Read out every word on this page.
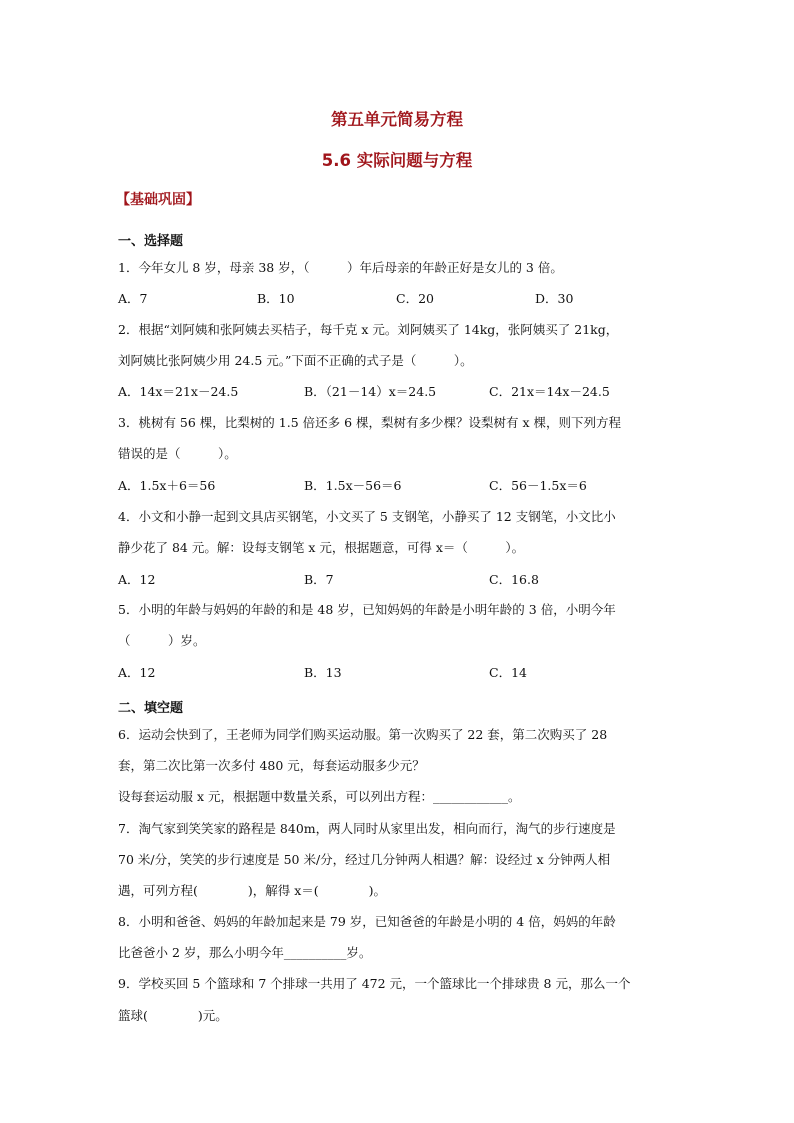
第五单元简易方程
5.6 实际问题与方程

【基础巩固】

一、选择题

1．今年女儿 8 岁，母亲 38 岁，（　　　）年后母亲的年龄正好是女儿的 3 倍。

A．7	B．10	C．20	D．30

2．根据“刘阿姨和张阿姨去买桔子，每千克 x 元。刘阿姨买了 14kg，张阿姨买了 21kg，

刘阿姨比张阿姨少用 24.5 元。”下面不正确的式子是（　　　）。

A．14x＝21x－24.5	B．（21－14）x＝24.5	C．21x＝14x－24.5

3．桃树有 56 棵，比梨树的 1.5 倍还多 6 棵，梨树有多少棵？设梨树有 x 棵，则下列方程

错误的是（　　　）。

A．1.5x＋6＝56	B．1.5x－56＝6	C．56－1.5x＝6

4．小文和小静一起到文具店买钢笔，小文买了 5 支钢笔，小静买了 12 支钢笔，小文比小

静少花了 84 元。解：设每支钢笔 x 元，根据题意，可得 x＝（　　　）。

A．12	B．7	C．16.8

5．小明的年龄与妈妈的年龄的和是 48 岁，已知妈妈的年龄是小明年龄的 3 倍，小明今年

（　　　）岁。

A．12	B．13	C．14

二、填空题

6．运动会快到了，王老师为同学们购买运动服。第一次购买了 22 套，第二次购买了 28

套，第二次比第一次多付 480 元，每套运动服多少元？

设每套运动服 x 元，根据题中数量关系，可以列出方程：____________。

7．淘气家到笑笑家的路程是 840m，两人同时从家里出发，相向而行，淘气的步行速度是

70 米/分，笑笑的步行速度是 50 米/分，经过几分钟两人相遇？解：设经过 x 分钟两人相

遇，可列方程(　　　　)，解得 x＝(　　　　)。

8．小明和爸爸、妈妈的年龄加起来是 79 岁，已知爸爸的年龄是小明的 4 倍，妈妈的年龄

比爸爸小 2 岁，那么小明今年__________岁。

9．学校买回 5 个篮球和 7 个排球一共用了 472 元，一个篮球比一个排球贵 8 元，那么一个

篮球(　　　　)元。
